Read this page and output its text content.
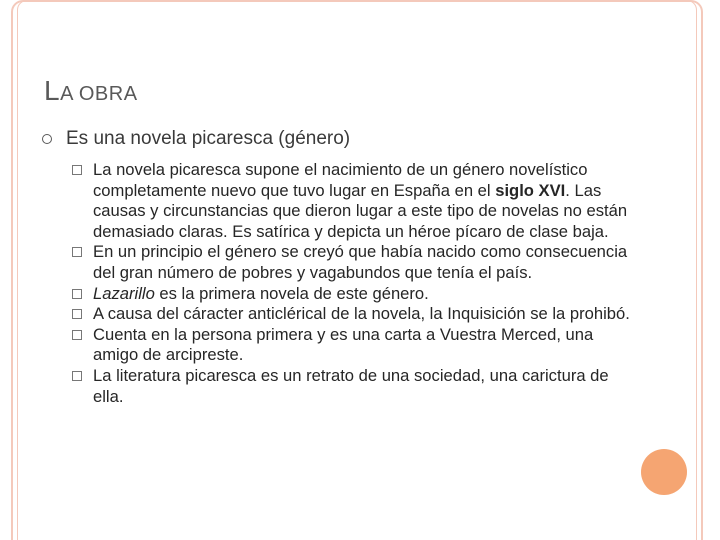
LA OBRA
Es una novela picaresca (género)
La novela picaresca supone el nacimiento de un género novelístico completamente nuevo que tuvo lugar en España en el siglo XVI. Las causas y circunstancias que dieron lugar a este tipo de novelas no están demasiado claras. Es satírica y depicta un héroe pícaro de clase baja.
En un principio el género se creyó que había nacido como consecuencia del gran número de pobres y vagabundos que tenía el país.
Lazarillo es la primera novela de este género.
A causa del cáracter anticlérical de la novela, la Inquisición se la prohibó.
Cuenta en la persona primera y es una carta a Vuestra Merced, una amigo de arcipreste.
La literatura picaresca es un retrato de una sociedad, una carictura de ella.
